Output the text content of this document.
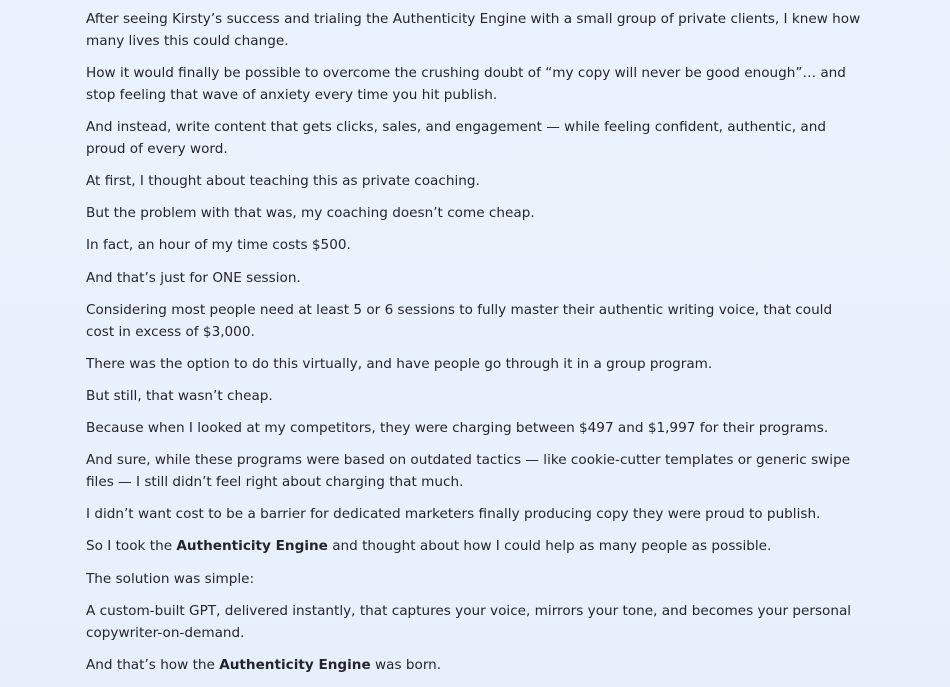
After seeing Kirsty’s success and trialing the Authenticity Engine with a small group of private clients, I knew how many lives this could change.

How it would finally be possible to overcome the crushing doubt of “my copy will never be good enough”… and stop feeling that wave of anxiety every time you hit publish.

And instead, write content that gets clicks, sales, and engagement — while feeling confident, authentic, and proud of every word.

At first, I thought about teaching this as private coaching.

But the problem with that was, my coaching doesn’t come cheap.

In fact, an hour of my time costs $500.

And that’s just for ONE session.

Considering most people need at least 5 or 6 sessions to fully master their authentic writing voice, that could cost in excess of $3,000.

There was the option to do this virtually, and have people go through it in a group program.

But still, that wasn’t cheap.

Because when I looked at my competitors, they were charging between $497 and $1,997 for their programs.

And sure, while these programs were based on outdated tactics — like cookie-cutter templates or generic swipe files — I still didn’t feel right about charging that much.

I didn’t want cost to be a barrier for dedicated marketers finally producing copy they were proud to publish.

So I took the Authenticity Engine and thought about how I could help as many people as possible.

The solution was simple:

A custom-built GPT, delivered instantly, that captures your voice, mirrors your tone, and becomes your personal copywriter-on-demand.

And that’s how the Authenticity Engine was born.
